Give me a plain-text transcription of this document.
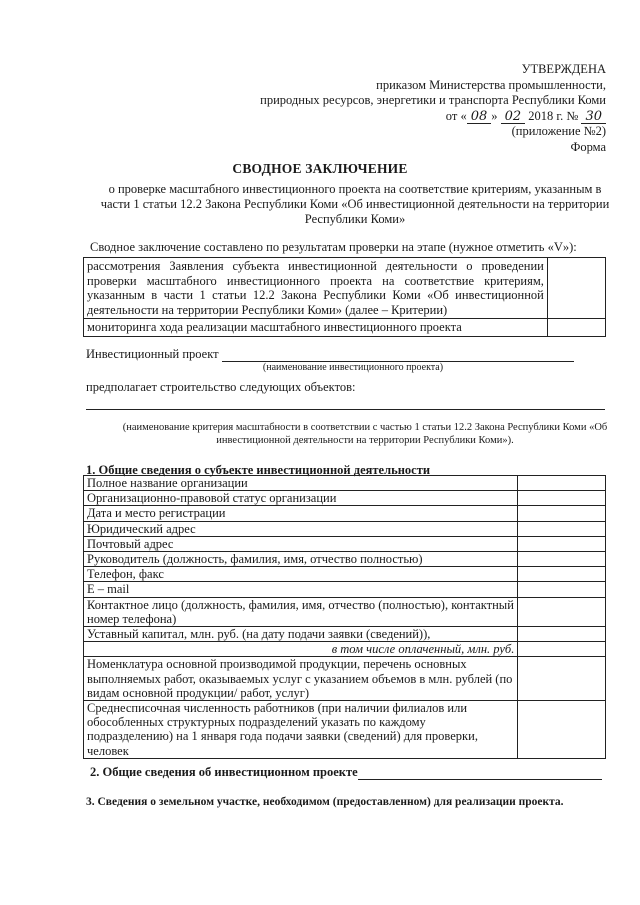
УТВЕРЖДЕНА
приказом Министерства промышленности,
природных ресурсов, энергетики и транспорта Республики Коми
от « 08 » 02 2018 г. № 30
(приложение №2)
Форма
СВОДНОЕ ЗАКЛЮЧЕНИЕ
о проверке масштабного инвестиционного проекта на соответствие критериям, указанным в части 1 статьи 12.2 Закона Республики Коми «Об инвестиционной деятельности на территории Республики Коми»
Сводное заключение составлено по результатам проверки на этапе (нужное отметить «V»):
рассмотрения Заявления субъекта инвестиционной деятельности о проведении проверки масштабного инвестиционного проекта на соответствие критериям, указанным в части 1 статьи 12.2 Закона Республики Коми «Об инвестиционной деятельности на территории Республики Коми» (далее – Критерии)	
мониторинга хода реализации масштабного инвестиционного проекта	
Инвестиционный проект
(наименование инвестиционного проекта)
предполагает строительство следующих объектов:
(наименование критерия масштабности в соответствии с частью 1 статьи 12.2 Закона Республики Коми «Об инвестиционной деятельности на территории Республики Коми»).
1. Общие сведения о субъекте инвестиционной деятельности
Полное название организации	
Организационно-правовой статус организации	
Дата и место регистрации	
Юридический адрес	
Почтовый адрес	
Руководитель (должность, фамилия, имя, отчество полностью)	
Телефон, факс	
E – mail	
Контактное лицо (должность, фамилия, имя, отчество (полностью), контактный номер телефона)	
Уставный капитал, млн. руб. (на дату подачи заявки (сведений)),	
в том числе оплаченный, млн. руб.	
Номенклатура основной производимой продукции, перечень основных выполняемых работ, оказываемых услуг с указанием объемов в млн. рублей (по видам основной продукции/ работ, услуг)	
Среднесписочная численность работников (при наличии филиалов или обособленных структурных подразделений указать по каждому подразделению) на 1 января года подачи заявки (сведений) для проверки, человек	
2. Общие сведения об инвестиционном проекте
3. Сведения о земельном участке, необходимом (предоставленном) для реализации проекта.
